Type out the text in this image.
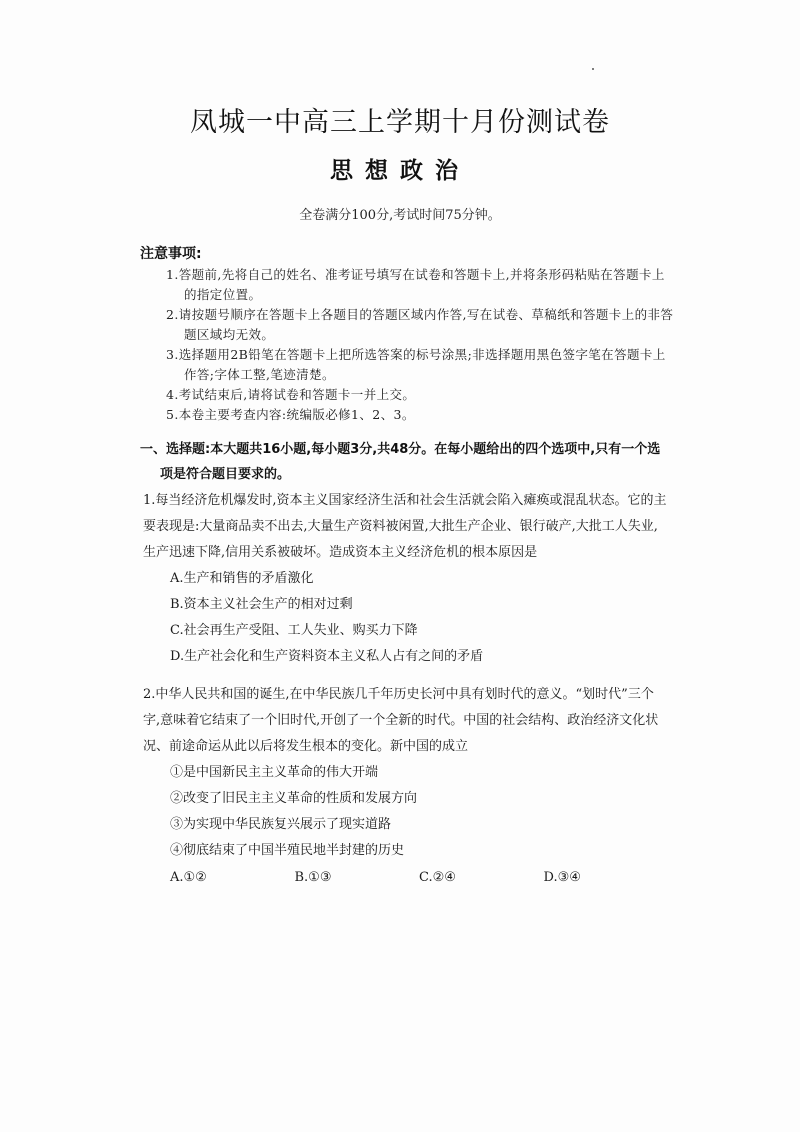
凤城一中高三上学期十月份测试卷
思想政治
全卷满分100分,考试时间75分钟。
注意事项:

1.答题前,先将自己的姓名、准考证号填写在试卷和答题卡上,并将条形码粘贴在答题卡上的指定位置。

2.请按题号顺序在答题卡上各题目的答题区域内作答,写在试卷、草稿纸和答题卡上的非答题区域均无效。

3.选择题用2B铅笔在答题卡上把所选答案的标号涂黑;非选择题用黑色签字笔在答题卡上作答;字体工整,笔迹清楚。

4.考试结束后,请将试卷和答题卡一并上交。

5.本卷主要考查内容:统编版必修1、2、3。

一、选择题:本大题共16小题,每小题3分,共48分。在每小题给出的四个选项中,只有一个选
项是符合题目要求的。

1.每当经济危机爆发时,资本主义国家经济生活和社会生活就会陷入瘫痪或混乱状态。它的主要表现是:大量商品卖不出去,大量生产资料被闲置,大批生产企业、银行破产,大批工人失业,生产迅速下降,信用关系被破坏。造成资本主义经济危机的根本原因是

A.生产和销售的矛盾激化

B.资本主义社会生产的相对过剩

C.社会再生产受阻、工人失业、购买力下降

D.生产社会化和生产资料资本主义私人占有之间的矛盾

2.中华人民共和国的诞生,在中华民族几千年历史长河中具有划时代的意义。“划时代”三个字,意味着它结束了一个旧时代,开创了一个全新的时代。中国的社会结构、政治经济文化状况、前途命运从此以后将发生根本的变化。新中国的成立

①是中国新民主主义革命的伟大开端

②改变了旧民主主义革命的性质和发展方向

③为实现中华民族复兴展示了现实道路

④彻底结束了中国半殖民地半封建的历史

A.①②	B.①③	C.②④	D.③④
